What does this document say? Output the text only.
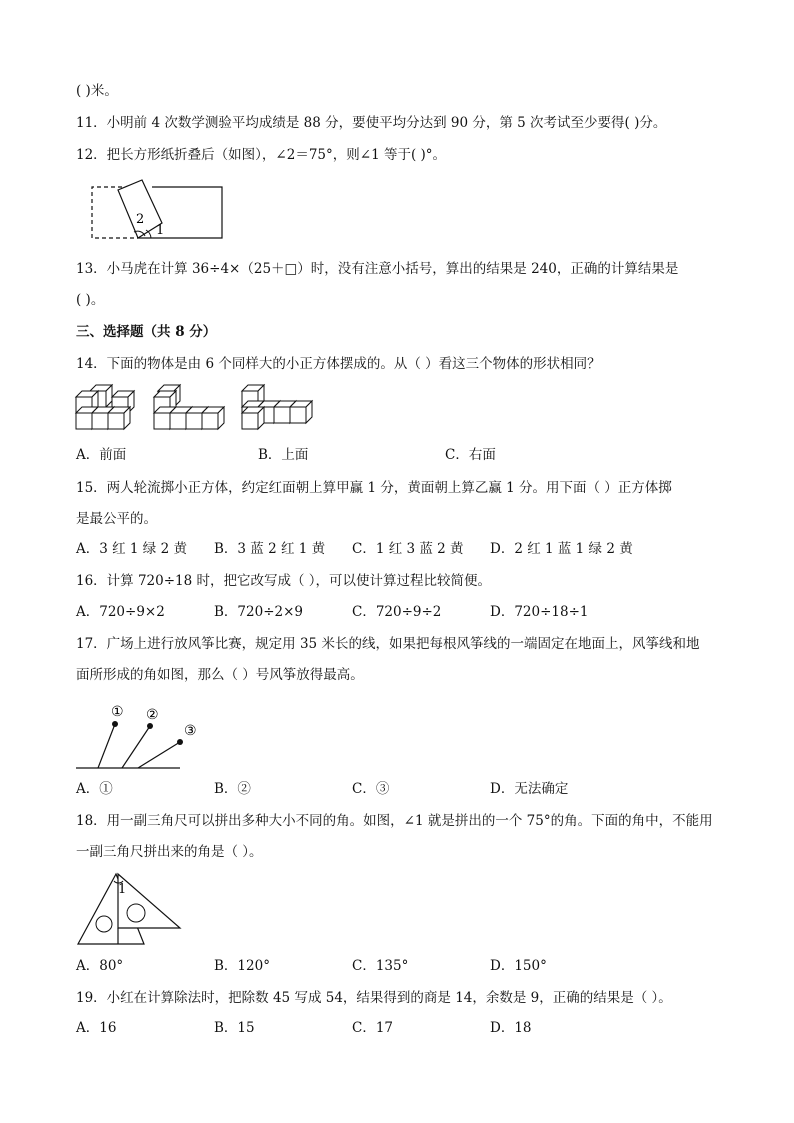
( )米。
11．小明前 4 次数学测验平均成绩是 88 分，要使平均分达到 90 分，第 5 次考试至少要得( )分。
12．把长方形纸折叠后（如图），∠2＝75°，则∠1 等于( )°。
2
1
13．小马虎在计算 36÷4×（25＋□）时，没有注意小括号，算出的结果是 240，正确的计算结果是
( )。
三、选择题（共 8 分）
14．下面的物体是由 6 个同样大的小正方体摆成的。从（ ）看这三个物体的形状相同？
A．前面	B．上面	C．右面
15．两人轮流掷小正方体，约定红面朝上算甲赢 1 分，黄面朝上算乙赢 1 分。用下面（ ）正方体掷
是最公平的。
A．3 红 1 绿 2 黄 B．3 蓝 2 红 1 黄 C．1 红 3 蓝 2 黄 D．2 红 1 蓝 1 绿 2 黄
16．计算 720÷18 时，把它改写成（ ），可以使计算过程比较简便。
A．720÷9×2	B．720÷2×9	C．720÷9÷2	D．720÷18÷1
17．广场上进行放风筝比赛，规定用 35 米长的线，如果把每根风筝线的一端固定在地面上，风筝线和地
面所形成的角如图，那么（ ）号风筝放得最高。
① ②
③
A．①	B．②	C．③	D．无法确定
18．用一副三角尺可以拼出多种大小不同的角。如图，∠1 就是拼出的一个 75°的角。下面的角中，不能用
一副三角尺拼出来的角是（ ）。
1
A．80°	B．120°	C．135°	D．150°
19．小红在计算除法时，把除数 45 写成 54，结果得到的商是 14，余数是 9，正确的结果是（ ）。
A．16	B．15	C．17	D．18
